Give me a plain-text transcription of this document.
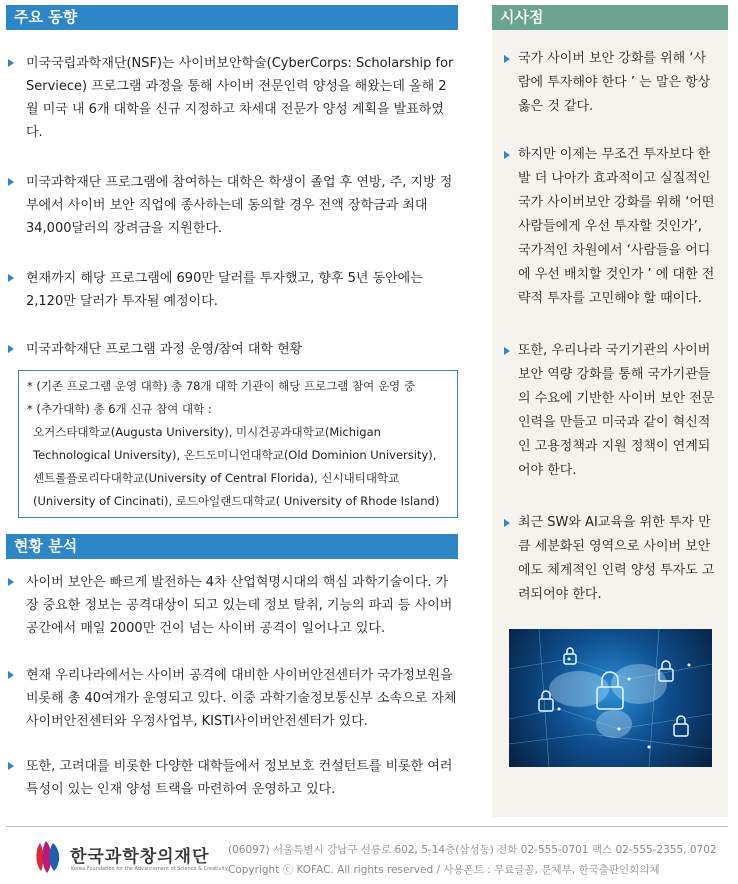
주요 동향
미국국립과학재단(NSF)는 사이버보안학술(CyberCorps: Scholarship for Serviece) 프로그램 과정을 통해 사이버 전문인력 양성을 해왔는데 올해 2월 미국 내 6개 대학을 신규 지정하고 차세대 전문가 양성 계획을 발표하였다.
미국과학재단 프로그램에 참여하는 대학은 학생이 졸업 후 연방, 주, 지방 정부에서 사이버 보안 직업에 종사하는데 동의할 경우 전액 장학금과 최대 34,000달러의 장려금을 지원한다.
현재까지 해당 프로그램에 690만 달러를 투자했고, 향후 5년 동안에는 2,120만 달러가 투자될 예정이다.
미국과학재단 프로그램 과정 운영/참여 대학 현황
* (기존 프로그램 운영 대학) 총 78개 대학 기관이 해당 프로그램 참여 운영 중
* (추가대학) 총 6개 신규 참여 대학 :
오거스타대학교(Augusta University), 미시건공과대학교(Michigan Technological University), 온드도미니언대학교(Old Dominion University), 센트롤플로리다대학교(University of Central Florida), 신시내티대학교(University of Cincinati), 로드아일랜드대학교( University of Rhode Island)
현황 분석
사이버 보안은 빠르게 발전하는 4차 산업혁명시대의 핵심 과학기술이다. 가장 중요한 정보는 공격대상이 되고 있는데 정보 탈취, 기능의 파괴 등 사이버 공간에서 매일 2000만 건이 넘는 사이버 공격이 일어나고 있다.
현재 우리나라에서는 사이버 공격에 대비한 사이버안전센터가 국가정보원을 비롯해 총 40여개가 운영되고 있다. 이중 과학기술정보통신부 소속으로 자체 사이버안전센터와 우정사업부, KISTI사이버안전센터가 있다.
또한, 고려대를 비롯한 다양한 대학들에서 정보보호 컨설턴트를 비롯한 여러 특성이 있는 인재 양성 트랙을 마련하여 운영하고 있다.
시사점
국가 사이버 보안 강화를 위해 ‘사람에 투자해야 한다 ’ 는 말은 항상 옳은 것 같다.
하지만 이제는 무조건 투자보다 한발 더 나아가 효과적이고 실질적인 국가 사이버보안 강화를 위해 ‘어떤 사람들에게 우선 투자할 것인가’, 국가적인 차원에서 ‘사람들을 어디에 우선 배치할 것인가 ’ 에 대한 전략적 투자를 고민해야 할 때이다.
또한, 우리나라 국기기관의 사이버 보안 역량 강화를 통해 국가기관들의 수요에 기반한 사이버 보안 전문인력을 만들고 미국과 같이 혁신적인 고용정책과 지원 정책이 연계되어야 한다.
최근 SW와 AI교육을 위한 투자 만큼 세분화된 영역으로 사이버 보안에도 체계적인 인력 양성 투자도 고려되어야 한다.
한국과학창의재단
Korea Foundation for the Advancement of Science & Creativity
(06097) 서울특별시 강남구 선릉로 602, 5-14층(삼성동) 전화 02-555-0701 팩스 02-555-2355, 0702
Copyright ⓒ KOFAC. All rights reserved / 사용폰트 : 무료글꼴, 문체부, 한국출판인회의체
